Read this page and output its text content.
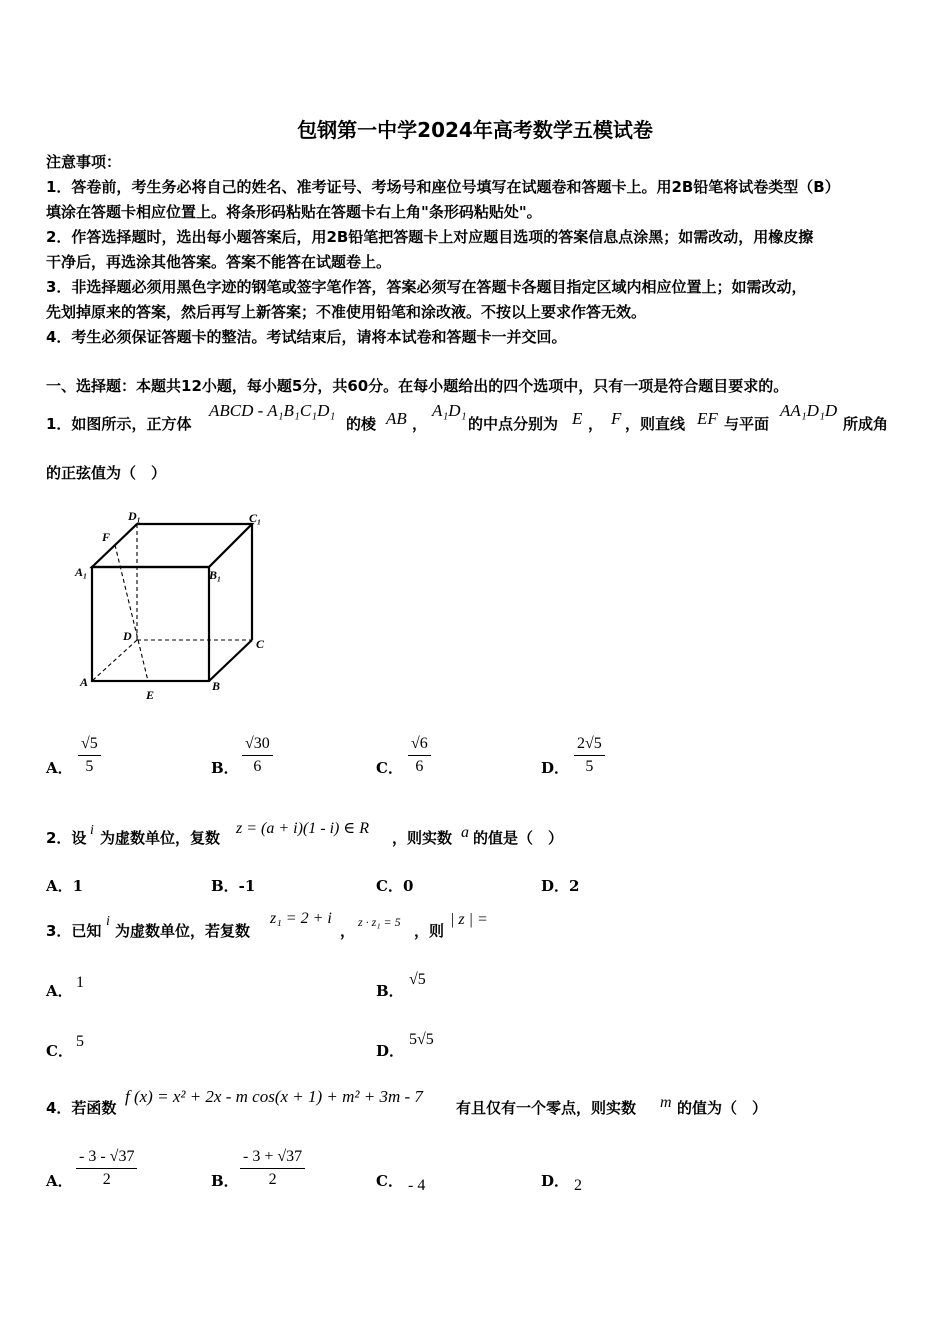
包钢第一中学2024年高考数学五模试卷
注意事项：
1．答卷前，考生务必将自己的姓名、准考证号、考场号和座位号填写在试题卷和答题卡上。用2B铅笔将试卷类型（B）
填涂在答题卡相应位置上。将条形码粘贴在答题卡右上角"条形码粘贴处"。
2．作答选择题时，选出每小题答案后，用2B铅笔把答题卡上对应题目选项的答案信息点涂黑；如需改动，用橡皮擦
干净后，再选涂其他答案。答案不能答在试题卷上。
3．非选择题必须用黑色字迹的钢笔或签字笔作答，答案必须写在答题卡各题目指定区域内相应位置上；如需改动，
先划掉原来的答案，然后再写上新答案；不准使用铅笔和涂改液。不按以上要求作答无效。
4．考生必须保证答题卡的整洁。考试结束后，请将本试卷和答题卡一并交回。
一、选择题：本题共12小题，每小题5分，共60分。在每小题给出的四个选项中，只有一项是符合题目要求的。
1．如图所示，正方体
ABCD - A₁B₁C₁D₁
的棱 AB ，
A₁D₁
的中点分别为 E ， F ，则直线 EF 与平面
AA₁D₁D
所成角
的正弦值为（　）
D₁	C₁
F
A₁	B₁
D
C
A
E
B
A． $\frac{√5}{5}$	B． $\frac{√30}{6}$	C． $\frac{√6}{6}$	D． $\frac{2√5}{5}$
2．设 i 为虚数单位，复数
z = (a + i)(1 - i) ∈ R
，则实数 a 的值是（　）
A．1	B．-1	C．0	D．2
3．已知
i
为虚数单位，若复数
z₁ = 2 + i
， z · z₁ = 5 ，则
| z | =
A． 1	B．
√5
C．
5
D．
5√5
4．若函数
f (x) = x² + 2x - m cos(x + 1) + m² + 3m - 7
有且仅有一个零点，则实数 m 的值为（　）
A． $\frac{- 3 - √37}{2}$	B． $\frac{- 3 + √37}{2}$	C． - 4	D． 2
